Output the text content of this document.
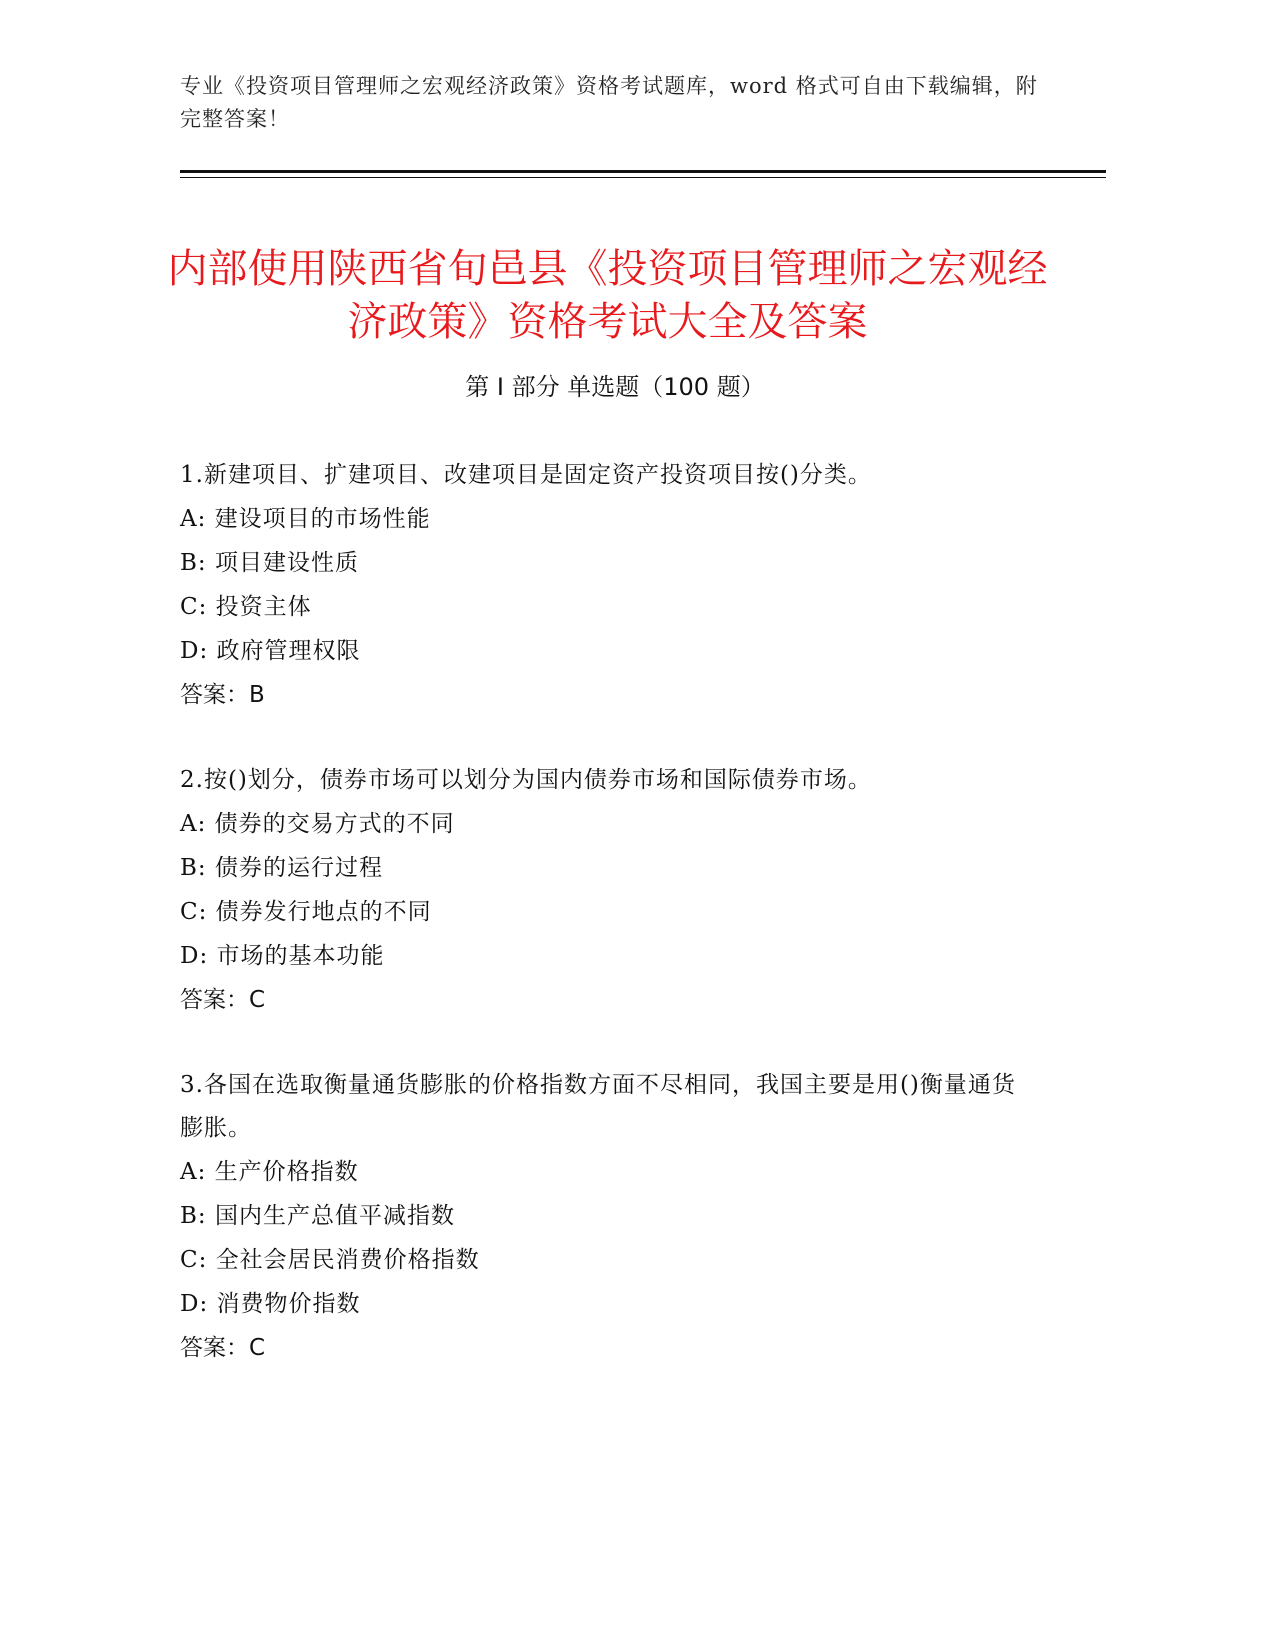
专业《投资项目管理师之宏观经济政策》资格考试题库，word 格式可自由下载编辑，附完整答案！
内部使用陕西省旬邑县《投资项目管理师之宏观经济政策》资格考试大全及答案
第 I 部分 单选题（100 题）

1.新建项目、扩建项目、改建项目是固定资产投资项目按()分类。

A: 建设项目的市场性能

B: 项目建设性质

C: 投资主体

D: 政府管理权限

答案：B

2.按()划分，债券市场可以划分为国内债券市场和国际债券市场。

A: 债券的交易方式的不同

B: 债券的运行过程

C: 债券发行地点的不同

D: 市场的基本功能

答案：C

3.各国在选取衡量通货膨胀的价格指数方面不尽相同，我国主要是用()衡量通货膨胀。

A: 生产价格指数

B: 国内生产总值平减指数

C: 全社会居民消费价格指数

D: 消费物价指数

答案：C
